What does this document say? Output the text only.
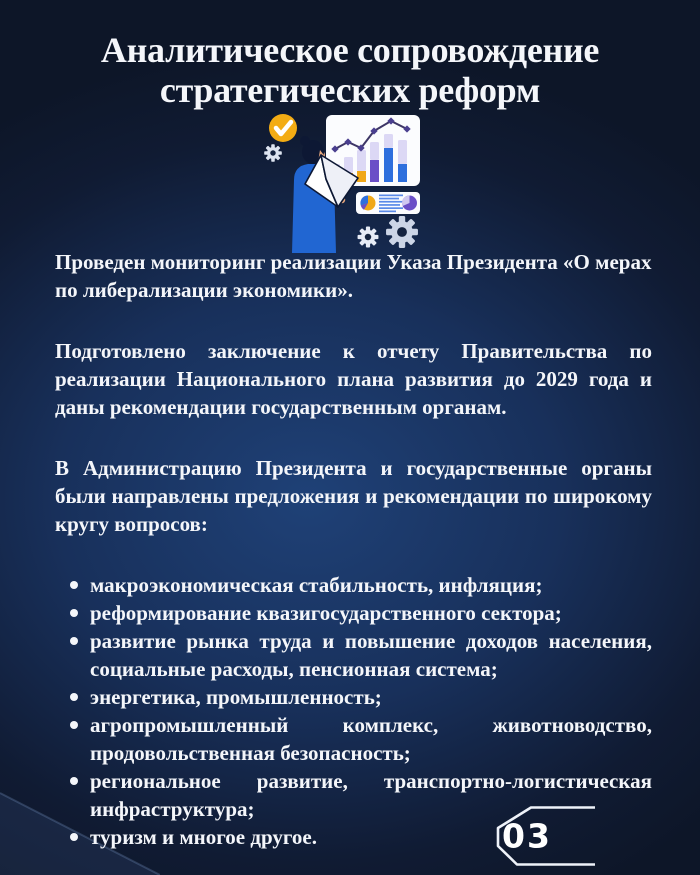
Аналитическое сопровождение
стратегических реформ

Проведен мониторинг реализации Указа Президента «О мерах по либерализации экономики».

Подготовлено заключение к отчету Правительства по реализации Национального плана развития до 2029 года и даны рекомендации государственным органам.

В Администрацию Президента и государственные органы были направлены предложения и рекомендации по широкому кругу вопросов:

макроэкономическая стабильность, инфляция;
реформирование квазигосударственного сектора;
развитие рынка труда и повышение доходов населения, социальные расходы, пенсионная система;
энергетика, промышленность;
агропромышленный комплекс, животноводство, продовольственная безопасность;
региональное развитие, транспортно-логистическая инфраструктура;
туризм и многое другое.	03
